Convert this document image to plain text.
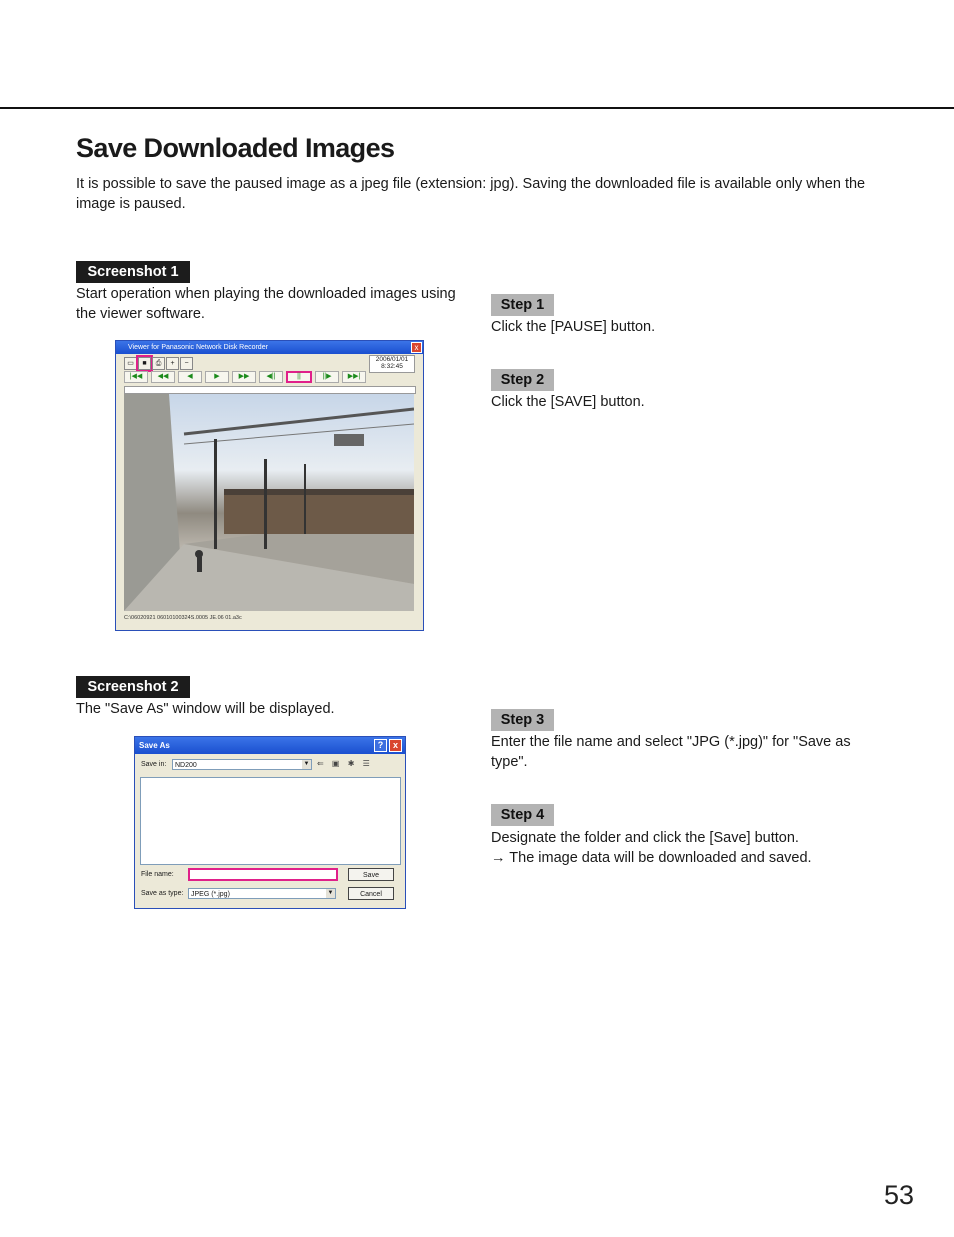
Save Downloaded Images

It is possible to save the paused image as a jpeg file (extension: jpg). Saving the downloaded file is available only when the image is paused.

Screenshot 1

Start operation when playing the downloaded images using the viewer software.

Viewer for Panasonic Network Disk Recorder	x
▭ ■ ⎙ + −
2006/01/01
8:32:45
|◀◀ ◀◀	◀	▶	▶▶ ◀||	||	||▶ ▶▶|
C:\06020921 06010100324S.0005 JE.06 01.a3c
Step 1

Click the [PAUSE] button.

Step 2

Click the [SAVE] button.

Screenshot 2

The "Save As" window will be displayed.

Save As	?	x
Save in:	ND200	▼ ⇐ ▣ ✱ ☰
File name:
Save as type:	JPEG (*.jpg)	▼
Save
Cancel
Step 3

Enter the file name and select "JPG (*.jpg)" for "Save as type".

Step 4

Designate the folder and click the [Save] button.

→ The image data will be downloaded and saved.

53
